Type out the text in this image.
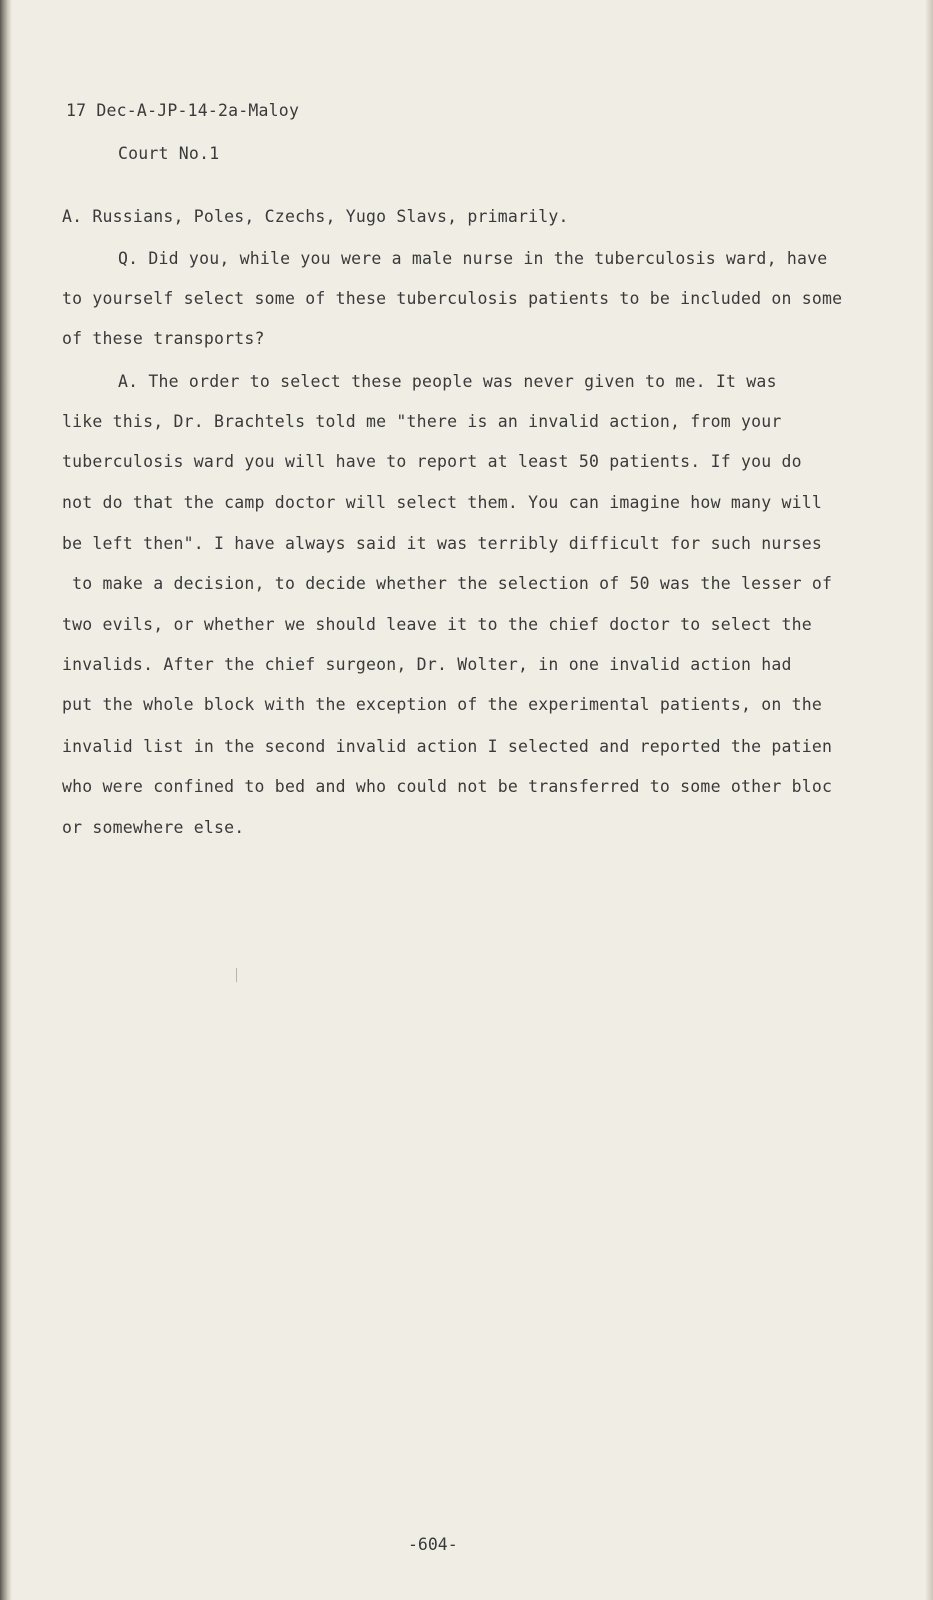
17 Dec-A-JP-14-2a-Maloy
Court No.1
A. Russians, Poles, Czechs, Yugo Slavs, primarily.
Q. Did you, while you were a male nurse in the tuberculosis ward, have
to yourself select some of these tuberculosis patients to be included on some
of these transports?
A. The order to select these people was never given to me. It was
like this, Dr. Brachtels told me "there is an invalid action, from your
tuberculosis ward you will have to report at least 50 patients. If you do
not do that the camp doctor will select them. You can imagine how many will
be left then". I have always said it was terribly difficult for such nurses
to make a decision, to decide whether the selection of 50 was the lesser of
two evils, or whether we should leave it to the chief doctor to select the
invalids. After the chief surgeon, Dr. Wolter, in one invalid action had
put the whole block with the exception of the experimental patients, on the
invalid list in the second invalid action I selected and reported the patien
who were confined to bed and who could not be transferred to some other bloc
or somewhere else.
-604-
